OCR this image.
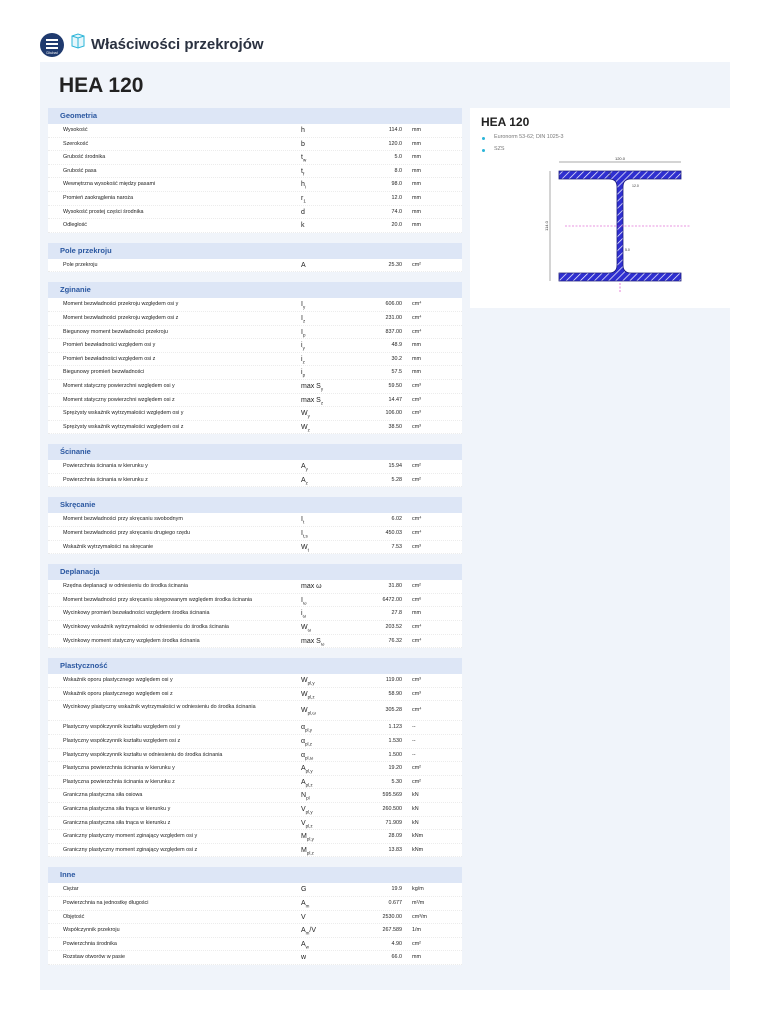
Dlubal Właściwości przekrojów
HEA 120
Geometria
Wysokość	h	114.0 mm
Szerokość	b	120.0 mm
Grubość środnika	$t_w$	5.0 mm
Grubość pasa	$t_f$	8.0 mm
Wewnętrzna wysokość między pasami	$h_i$	98.0 mm
Promień zaokrąglenia naroża	$r_1$	12.0 mm
Wysokość prostej części środnika	d	74.0 mm
Odległość	k	20.0 mm
Pole przekroju
Pole przekroju	A	25.30 cm²
Zginanie
Moment bezwładności przekroju względem osi y	$I_y$	606.00 cm⁴
Moment bezwładności przekroju względem osi z	$I_z$	231.00 cm⁴
Biegunowy moment bezwładności przekroju	$I_p$	837.00 cm⁴
Promień bezwładności względem osi y	$i_y$	48.9 mm
Promień bezwładności względem osi z	$i_z$	30.2 mm
Biegunowy promień bezwładności	$i_p$	57.5 mm
Moment statyczny powierzchni względem osi y	$\max S_y$	59.50 cm³
Moment statyczny powierzchni względem osi z	$\max S_z$	14.47 cm³
Sprężysty wskaźnik wytrzymałości względem osi y	$W_y$	106.00 cm³
Sprężysty wskaźnik wytrzymałości względem osi z	$W_z$	38.50 cm³
Ścinanie
Powierzchnia ścinania w kierunku y	$A_y$	15.94 cm²
Powierzchnia ścinania w kierunku z	$A_z$	5.28 cm²
Skręcanie
Moment bezwładności przy skręcaniu swobodnym	$I_t$	6.02 cm⁴
Moment bezwładności przy skręcaniu drugiego rzędu	$I_{t,s}$	450.03 cm⁴
Wskaźnik wytrzymałości na skręcanie	$W_t$	7.53 cm³
Deplanacja
Rzędna deplanacji w odniesieniu do środka ścinania	max ω	31.80 cm²
Moment bezwładności przy skręcaniu skrępowanym względem środka ścinania	$I_\omega$	6472.00 cm⁶
Wycinkowy promień bezwładności względem środka ścinania	$i_\omega$	27.8 mm
Wycinkowy wskaźnik wytrzymałości w odniesieniu do środka ścinania	$W_\omega$	203.52 cm⁴
Wycinkowy moment statyczny względem środka ścinania	$\max S_\omega$	76.32 cm⁴
Plastyczność
Wskaźnik oporu plastycznego względem osi y	$W_{pl,y}$	119.00 cm³
Wskaźnik oporu plastycznego względem osi z	$W_{pl,z}$	58.90 cm³
Wycinkowy plastyczny wskaźnik wytrzymałości w odniesieniu do środka ścinania	$W_{pl,\omega}$	305.28 cm⁴
Plastyczny współczynnik kształtu względem osi y	$\alpha_{pl,y}$	1.123 --
Plastyczny współczynnik kształtu względem osi z	$\alpha_{pl,z}$	1.530 --
Plastyczny współczynnik kształtu w odniesieniu do środka ścinania	$\alpha_{pl,\omega}$	1.500 --
Plastyczna powierzchnia ścinania w kierunku y	$A_{pl,y}$	19.20 cm²
Plastyczna powierzchnia ścinania w kierunku z	$A_{pl,z}$	5.30 cm²
Graniczna plastyczna siła osiowa	$N_{pl}$	595.569 kN
Graniczna plastyczna siła tnąca w kierunku y	$V_{pl,y}$	260.500 kN
Graniczna plastyczna siła tnąca w kierunku z	$V_{pl,z}$	71.909 kN
Graniczny plastyczny moment zginający względem osi y	$M_{pl,y}$	28.09 kNm
Graniczny plastyczny moment zginający względem osi z	$M_{pl,z}$	13.83 kNm
Inne
Ciężar	G	19.9 kg/m
Powierzchnia na jednostkę długości	$A_m$	0.677 m²/m
Objętość	V	2530.00 cm³/m
Współczynnik przekroju	$A_m/V$	267.589 1/m
Powierzchnia środnika	$A_w$	4.90 cm²
Rozstaw otworów w pasie	w	66.0 mm
HEA 120
Euronorm 53-62; DIN 1025-3
SZS
120.0
114.0
8.0
12.0
5.0
